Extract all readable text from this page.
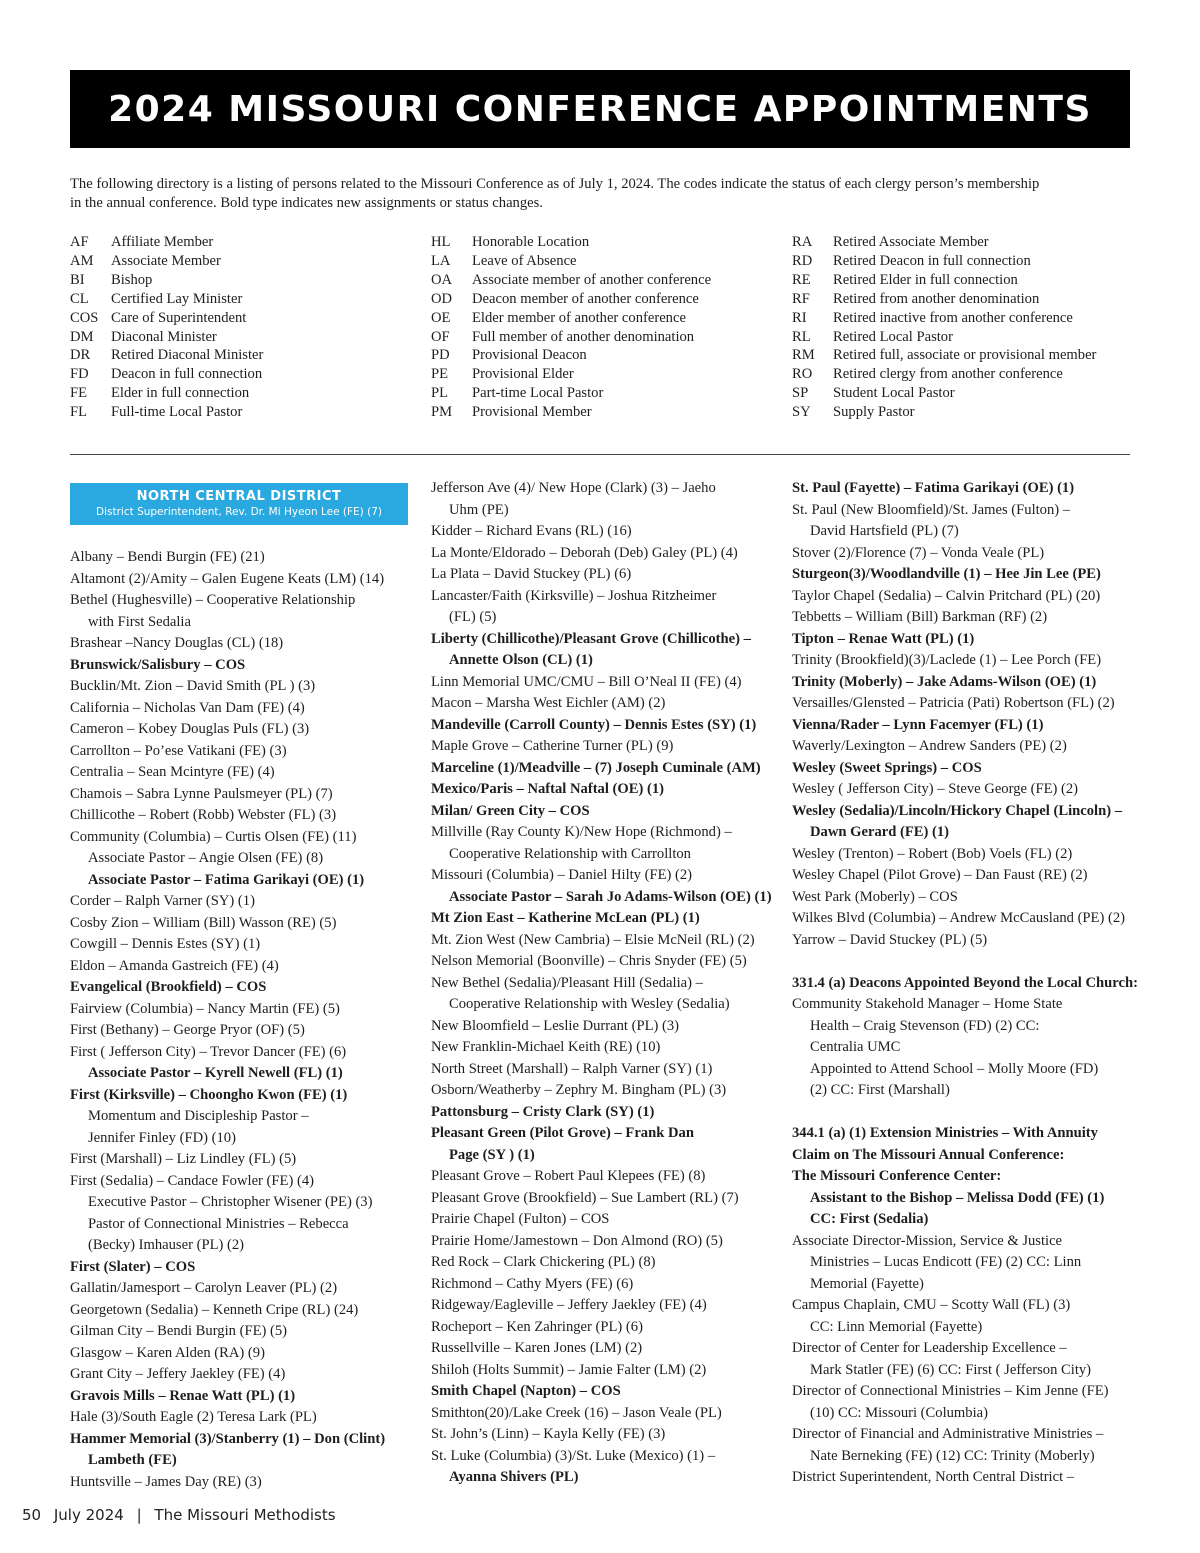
2024 MISSOURI CONFERENCE APPOINTMENTS
The following directory is a listing of persons related to the Missouri Conference as of July 1, 2024. The codes indicate the status of each clergy person’s membership
in the annual conference. Bold type indicates new assignments or status changes.
AF	Affiliate Member
AM	Associate Member
BI	Bishop
CL	Certified Lay Minister
COS Care of Superintendent
DM	Diaconal Minister
DR	Retired Diaconal Minister
FD	Deacon in full connection
FE	Elder in full connection
FL	Full-time Local Pastor
HL	Honorable Location
LA	Leave of Absence
OA	Associate member of another conference
OD	Deacon member of another conference
OE	Elder member of another conference
OF	Full member of another denomination
PD	Provisional Deacon
PE	Provisional Elder
PL	Part-time Local Pastor
PM	Provisional Member
RA	Retired Associate Member
RD	Retired Deacon in full connection
RE	Retired Elder in full connection
RF	Retired from another denomination
RI	Retired inactive from another conference
RL	Retired Local Pastor
RM	Retired full, associate or provisional member
RO	Retired clergy from another conference
SP	Student Local Pastor
SY	Supply Pastor
NORTH CENTRAL DISTRICT
District Superintendent, Rev. Dr. Mi Hyeon Lee (FE) (7)

Albany – Bendi Burgin (FE) (21)

Altamont (2)/Amity – Galen Eugene Keats (LM) (14)

Bethel (Hughesville) – Cooperative Relationship

with First Sedalia

Brashear –Nancy Douglas (CL) (18)

Brunswick/Salisbury – COS

Bucklin/Mt. Zion – David Smith (PL ) (3)

California – Nicholas Van Dam (FE) (4)

Cameron – Kobey Douglas Puls (FL) (3)

Carrollton – Po’ese Vatikani (FE) (3)

Centralia – Sean Mcintyre (FE) (4)

Chamois – Sabra Lynne Paulsmeyer (PL) (7)

Chillicothe – Robert (Robb) Webster (FL) (3)

Community (Columbia) – Curtis Olsen (FE) (11)

Associate Pastor – Angie Olsen (FE) (8)

Associate Pastor – Fatima Garikayi (OE) (1)

Corder – Ralph Varner (SY) (1)

Cosby Zion – William (Bill) Wasson (RE) (5)

Cowgill – Dennis Estes (SY) (1)

Eldon – Amanda Gastreich (FE) (4)

Evangelical (Brookfield) – COS

Fairview (Columbia) – Nancy Martin (FE) (5)

First (Bethany) – George Pryor (OF) (5)

First ( Jefferson City) – Trevor Dancer (FE) (6)

Associate Pastor – Kyrell Newell (FL) (1)

First (Kirksville) – Choongho Kwon (FE) (1)

Momentum and Discipleship Pastor –

Jennifer Finley (FD) (10)

First (Marshall) – Liz Lindley (FL) (5)

First (Sedalia) – Candace Fowler (FE) (4)

Executive Pastor – Christopher Wisener (PE) (3)

Pastor of Connectional Ministries – Rebecca

(Becky) Imhauser (PL) (2)

First (Slater) – COS

Gallatin/Jamesport – Carolyn Leaver (PL) (2)

Georgetown (Sedalia) – Kenneth Cripe (RL) (24)

Gilman City – Bendi Burgin (FE) (5)

Glasgow – Karen Alden (RA) (9)

Grant City – Jeffery Jaekley (FE) (4)

Gravois Mills – Renae Watt (PL) (1)

Hale (3)/South Eagle (2) Teresa Lark (PL)

Hammer Memorial (3)/Stanberry (1) – Don (Clint)

Lambeth (FE)

Huntsville – James Day (RE) (3)

Jefferson Ave (4)/ New Hope (Clark) (3) – Jaeho

Uhm (PE)

Kidder – Richard Evans (RL) (16)

La Monte/Eldorado – Deborah (Deb) Galey (PL) (4)

La Plata – David Stuckey (PL) (6)

Lancaster/Faith (Kirksville) – Joshua Ritzheimer

(FL) (5)

Liberty (Chillicothe)/Pleasant Grove (Chillicothe) –

Annette Olson (CL) (1)

Linn Memorial UMC/CMU – Bill O’Neal II (FE) (4)

Macon – Marsha West Eichler (AM) (2)

Mandeville (Carroll County) – Dennis Estes (SY) (1)

Maple Grove – Catherine Turner (PL) (9)

Marceline (1)/Meadville – (7) Joseph Cuminale (AM)

Mexico/Paris – Naftal Naftal (OE) (1)

Milan/ Green City – COS

Millville (Ray County K)/New Hope (Richmond) –

Cooperative Relationship with Carrollton

Missouri (Columbia) – Daniel Hilty (FE) (2)

Associate Pastor – Sarah Jo Adams-Wilson (OE) (1)

Mt Zion East – Katherine McLean (PL) (1)

Mt. Zion West (New Cambria) – Elsie McNeil (RL) (2)

Nelson Memorial (Boonville) – Chris Snyder (FE) (5)

New Bethel (Sedalia)/Pleasant Hill (Sedalia) –

Cooperative Relationship with Wesley (Sedalia)

New Bloomfield – Leslie Durrant (PL) (3)

New Franklin-Michael Keith (RE) (10)

North Street (Marshall) – Ralph Varner (SY) (1)

Osborn/Weatherby – Zephry M. Bingham (PL) (3)

Pattonsburg – Cristy Clark (SY) (1)

Pleasant Green (Pilot Grove) – Frank Dan

Page (SY ) (1)

Pleasant Grove – Robert Paul Klepees (FE) (8)

Pleasant Grove (Brookfield) – Sue Lambert (RL) (7)

Prairie Chapel (Fulton) – COS

Prairie Home/Jamestown – Don Almond (RO) (5)

Red Rock – Clark Chickering (PL) (8)

Richmond – Cathy Myers (FE) (6)

Ridgeway/Eagleville – Jeffery Jaekley (FE) (4)

Rocheport – Ken Zahringer (PL) (6)

Russellville – Karen Jones (LM) (2)

Shiloh (Holts Summit) – Jamie Falter (LM) (2)

Smith Chapel (Napton) – COS

Smithton(20)/Lake Creek (16) – Jason Veale (PL)

St. John’s (Linn) – Kayla Kelly (FE) (3)

St. Luke (Columbia) (3)/St. Luke (Mexico) (1) –

Ayanna Shivers (PL)

St. Paul (Fayette) – Fatima Garikayi (OE) (1)

St. Paul (New Bloomfield)/St. James (Fulton) –

David Hartsfield (PL) (7)

Stover (2)/Florence (7) – Vonda Veale (PL)

Sturgeon(3)/Woodlandville (1) – Hee Jin Lee (PE)

Taylor Chapel (Sedalia) – Calvin Pritchard (PL) (20)

Tebbetts – William (Bill) Barkman (RF) (2)

Tipton – Renae Watt (PL) (1)

Trinity (Brookfield)(3)/Laclede (1) – Lee Porch (FE)

Trinity (Moberly) – Jake Adams-Wilson (OE) (1)

Versailles/Glensted – Patricia (Pati) Robertson (FL) (2)

Vienna/Rader – Lynn Facemyer (FL) (1)

Waverly/Lexington – Andrew Sanders (PE) (2)

Wesley (Sweet Springs) – COS

Wesley ( Jefferson City) – Steve George (FE) (2)

Wesley (Sedalia)/Lincoln/Hickory Chapel (Lincoln) –

Dawn Gerard (FE) (1)

Wesley (Trenton) – Robert (Bob) Voels (FL) (2)

Wesley Chapel (Pilot Grove) – Dan Faust (RE) (2)

West Park (Moberly) – COS

Wilkes Blvd (Columbia) – Andrew McCausland (PE) (2)

Yarrow – David Stuckey (PL) (5)

331.4 (a) Deacons Appointed Beyond the Local Church:

Community Stakehold Manager – Home State

Health – Craig Stevenson (FD) (2) CC:

Centralia UMC

Appointed to Attend School – Molly Moore (FD)

(2) CC: First (Marshall)

344.1 (a) (1) Extension Ministries – With Annuity

Claim on The Missouri Annual Conference:

The Missouri Conference Center:

Assistant to the Bishop – Melissa Dodd (FE) (1)

CC: First (Sedalia)

Associate Director-Mission, Service & Justice

Ministries – Lucas Endicott (FE) (2) CC: Linn

Memorial (Fayette)

Campus Chaplain, CMU – Scotty Wall (FL) (3)

CC: Linn Memorial (Fayette)

Director of Center for Leadership Excellence –

Mark Statler (FE) (6) CC: First ( Jefferson City)

Director of Connectional Ministries – Kim Jenne (FE)

(10) CC: Missouri (Columbia)

Director of Financial and Administrative Ministries –

Nate Berneking (FE) (12) CC: Trinity (Moberly)

District Superintendent, North Central District –

50 July 2024 | The Missouri Methodists
